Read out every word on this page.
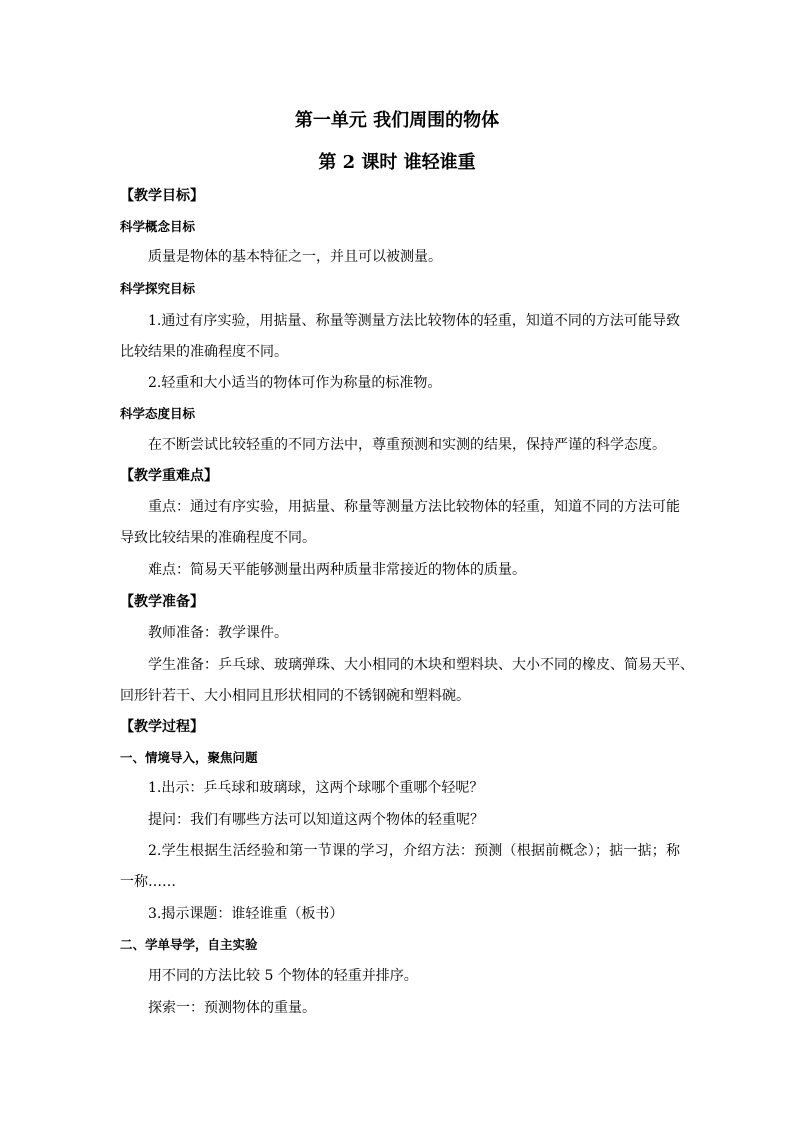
第一单元 我们周围的物体
第 2 课时 谁轻谁重
【教学目标】
科学概念目标
质量是物体的基本特征之一，并且可以被测量。
科学探究目标
1.通过有序实验，用掂量、称量等测量方法比较物体的轻重，知道不同的方法可能导致
比较结果的准确程度不同。
2.轻重和大小适当的物体可作为称量的标准物。
科学态度目标
在不断尝试比较轻重的不同方法中，尊重预测和实测的结果，保持严谨的科学态度。
【教学重难点】
重点：通过有序实验，用掂量、称量等测量方法比较物体的轻重，知道不同的方法可能
导致比较结果的准确程度不同。
难点：简易天平能够测量出两种质量非常接近的物体的质量。
【教学准备】
教师准备：教学课件。
学生准备：乒乓球、玻璃弹珠、大小相同的木块和塑料块、大小不同的橡皮、简易天平、
回形针若干、大小相同且形状相同的不锈钢碗和塑料碗。
【教学过程】
一、情境导入，聚焦问题
1.出示：乒乓球和玻璃球，这两个球哪个重哪个轻呢？
提问：我们有哪些方法可以知道这两个物体的轻重呢？
2.学生根据生活经验和第一节课的学习，介绍方法：预测（根据前概念）；掂一掂；称
一称……
3.揭示课题：谁轻谁重（板书）
二、学单导学，自主实验
用不同的方法比较 5 个物体的轻重并排序。
探索一：预测物体的重量。
